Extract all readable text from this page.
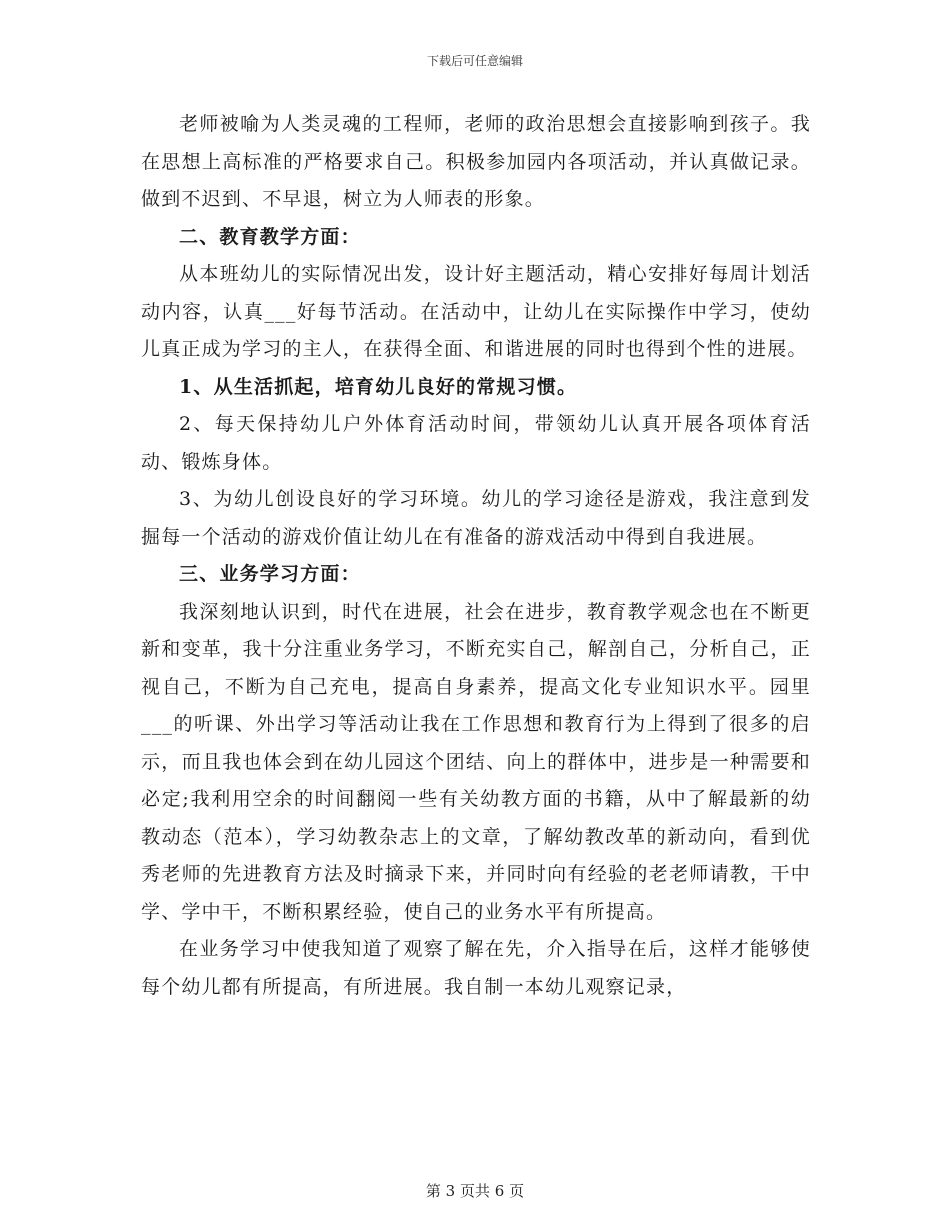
下载后可任意编辑

老师被喻为人类灵魂的工程师，老师的政治思想会直接影响到孩子。我在思想上高标准的严格要求自己。积极参加园内各项活动，并认真做记录。做到不迟到、不早退，树立为人师表的形象。

二、教育教学方面：

从本班幼儿的实际情况出发，设计好主题活动，精心安排好每周计划活动内容，认真___好每节活动。在活动中，让幼儿在实际操作中学习，使幼儿真正成为学习的主人，在获得全面、和谐进展的同时也得到个性的进展。

1、从生活抓起，培育幼儿良好的常规习惯。

2、每天保持幼儿户外体育活动时间，带领幼儿认真开展各项体育活动、锻炼身体。

3、为幼儿创设良好的学习环境。幼儿的学习途径是游戏，我注意到发掘每一个活动的游戏价值让幼儿在有准备的游戏活动中得到自我进展。

三、业务学习方面：

我深刻地认识到，时代在进展，社会在进步，教育教学观念也在不断更新和变革，我十分注重业务学习，不断充实自己，解剖自己，分析自己，正视自己，不断为自己充电，提高自身素养，提高文化专业知识水平。园里___的听课、外出学习等活动让我在工作思想和教育行为上得到了很多的启示，而且我也体会到在幼儿园这个团结、向上的群体中，进步是一种需要和必定;我利用空余的时间翻阅一些有关幼教方面的书籍，从中了解最新的幼教动态（范本），学习幼教杂志上的文章，了解幼教改革的新动向，看到优秀老师的先进教育方法及时摘录下来，并同时向有经验的老老师请教，干中学、学中干，不断积累经验，使自己的业务水平有所提高。

在业务学习中使我知道了观察了解在先，介入指导在后，这样才能够使每个幼儿都有所提高，有所进展。我自制一本幼儿观察记录，

第 3 页共 6 页
